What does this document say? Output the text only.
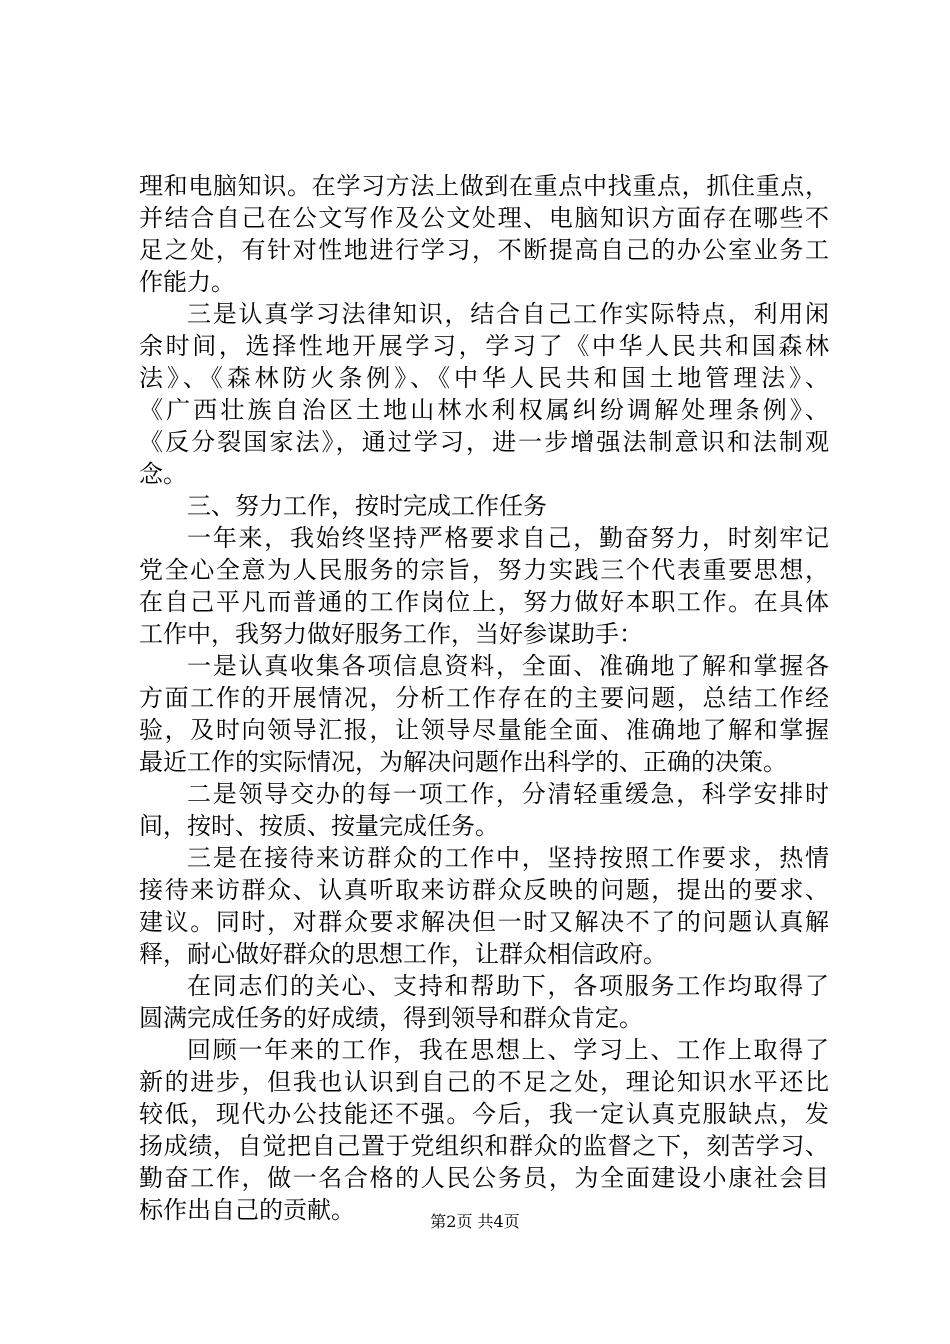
理和电脑知识。在学习方法上做到在重点中找重点，抓住重点，
并结合自己在公文写作及公文处理、电脑知识方面存在哪些不
足之处，有针对性地进行学习，不断提高自己的办公室业务工
作能力。
三是认真学习法律知识，结合自己工作实际特点，利用闲
余时间，选择性地开展学习，学习了《中华人民共和国森林
法》、《森林防火条例》、《中华人民共和国土地管理法》、
《广西壮族自治区土地山林水利权属纠纷调解处理条例》、
《反分裂国家法》，通过学习，进一步增强法制意识和法制观
念。
三、努力工作，按时完成工作任务
一年来，我始终坚持严格要求自己，勤奋努力，时刻牢记
党全心全意为人民服务的宗旨，努力实践三个代表重要思想，
在自己平凡而普通的工作岗位上，努力做好本职工作。在具体
工作中，我努力做好服务工作，当好参谋助手：
一是认真收集各项信息资料，全面、准确地了解和掌握各
方面工作的开展情况，分析工作存在的主要问题，总结工作经
验，及时向领导汇报，让领导尽量能全面、准确地了解和掌握
最近工作的实际情况，为解决问题作出科学的、正确的决策。
二是领导交办的每一项工作，分清轻重缓急，科学安排时
间，按时、按质、按量完成任务。
三是在接待来访群众的工作中，坚持按照工作要求，热情
接待来访群众、认真听取来访群众反映的问题，提出的要求、
建议。同时，对群众要求解决但一时又解决不了的问题认真解
释，耐心做好群众的思想工作，让群众相信政府。
在同志们的关心、支持和帮助下，各项服务工作均取得了
圆满完成任务的好成绩，得到领导和群众肯定。
回顾一年来的工作，我在思想上、学习上、工作上取得了
新的进步，但我也认识到自己的不足之处，理论知识水平还比
较低，现代办公技能还不强。今后，我一定认真克服缺点，发
扬成绩，自觉把自己置于党组织和群众的监督之下，刻苦学习、
勤奋工作，做一名合格的人民公务员，为全面建设小康社会目
标作出自己的贡献。	第2页 共4页
